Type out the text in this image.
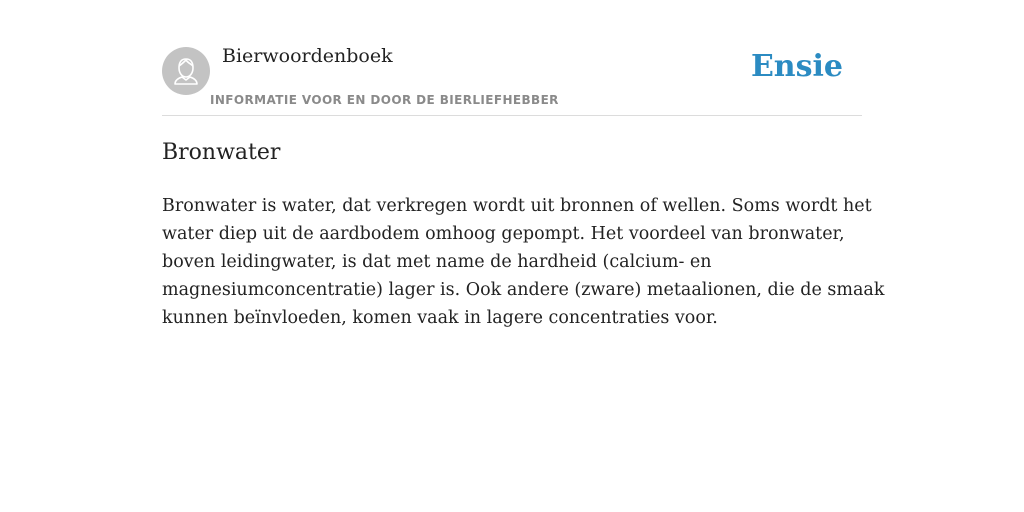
Bierwoordenboek
INFORMATIE VOOR EN DOOR DE BIERLIEFHEBBER
Ensie
Bronwater

Bronwater is water, dat verkregen wordt uit bronnen of wellen. Soms wordt het
water diep uit de aardbodem omhoog gepompt. Het voordeel van bronwater,
boven leidingwater, is dat met name de hardheid (calcium- en
magnesiumconcentratie) lager is. Ook andere (zware) metaalionen, die de smaak
kunnen beïnvloeden, komen vaak in lagere concentraties voor.
